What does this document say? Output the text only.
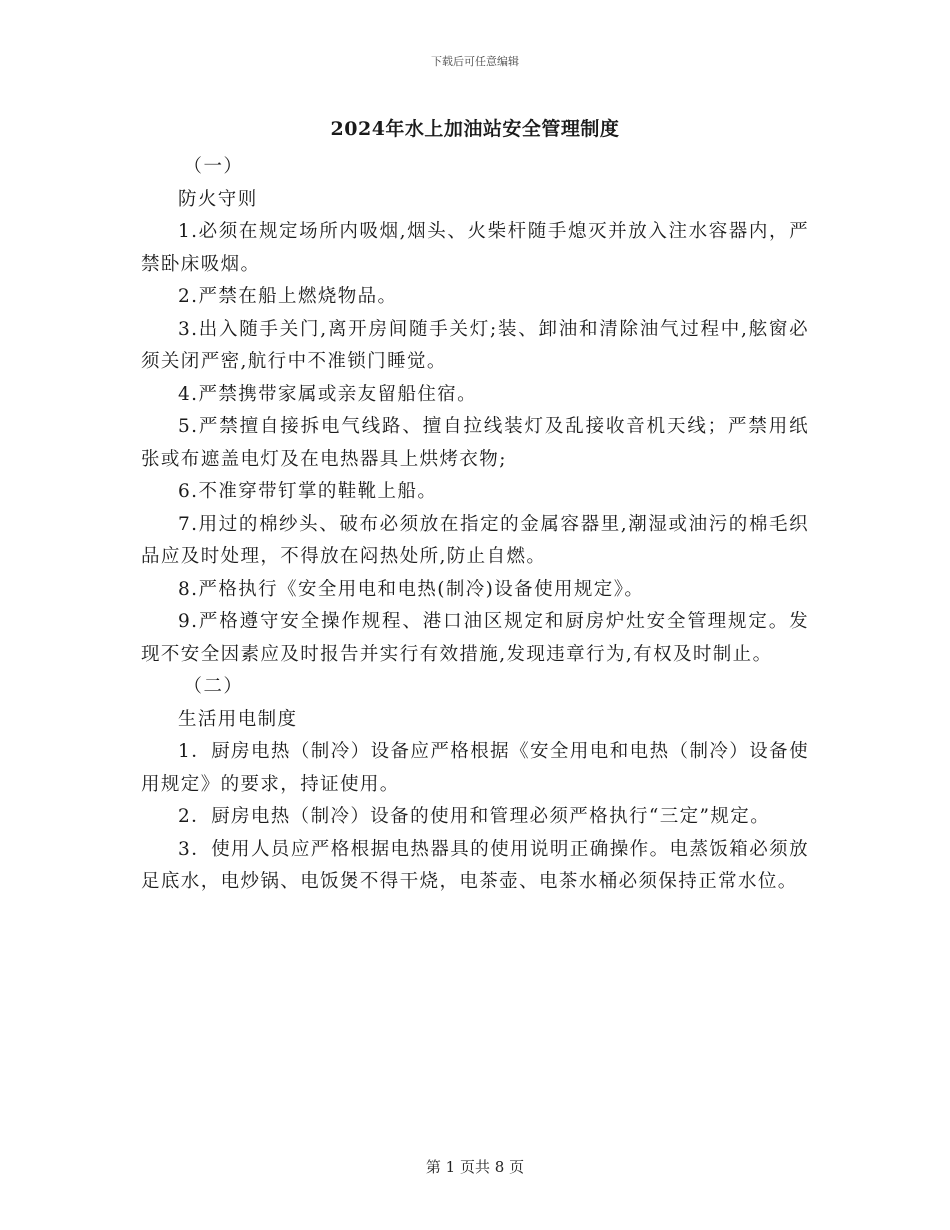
下载后可任意编辑
2024年水上加油站安全管理制度

（一）

防火守则

1.必须在规定场所内吸烟,烟头、火柴杆随手熄灭并放入注水容器内，严禁卧床吸烟。

2.严禁在船上燃烧物品。

3.出入随手关门,离开房间随手关灯;装、卸油和清除油气过程中,舷窗必须关闭严密,航行中不准锁门睡觉。

4.严禁携带家属或亲友留船住宿。

5.严禁擅自接拆电气线路、擅自拉线装灯及乱接收音机天线；严禁用纸张或布遮盖电灯及在电热器具上烘烤衣物;

6.不准穿带钉掌的鞋靴上船。

7.用过的棉纱头、破布必须放在指定的金属容器里,潮湿或油污的棉毛织品应及时处理，不得放在闷热处所,防止自燃。

8.严格执行《安全用电和电热(制冷)设备使用规定》。

9.严格遵守安全操作规程、港口油区规定和厨房炉灶安全管理规定。发现不安全因素应及时报告并实行有效措施,发现违章行为,有权及时制止。

（二）

生活用电制度

1．厨房电热（制冷）设备应严格根据《安全用电和电热（制冷）设备使用规定》的要求，持证使用。

2．厨房电热（制冷）设备的使用和管理必须严格执行“三定”规定。

3．使用人员应严格根据电热器具的使用说明正确操作。电蒸饭箱必须放足底水，电炒锅、电饭煲不得干烧，电茶壶、电茶水桶必须保持正常水位。

第 1 页共 8 页
